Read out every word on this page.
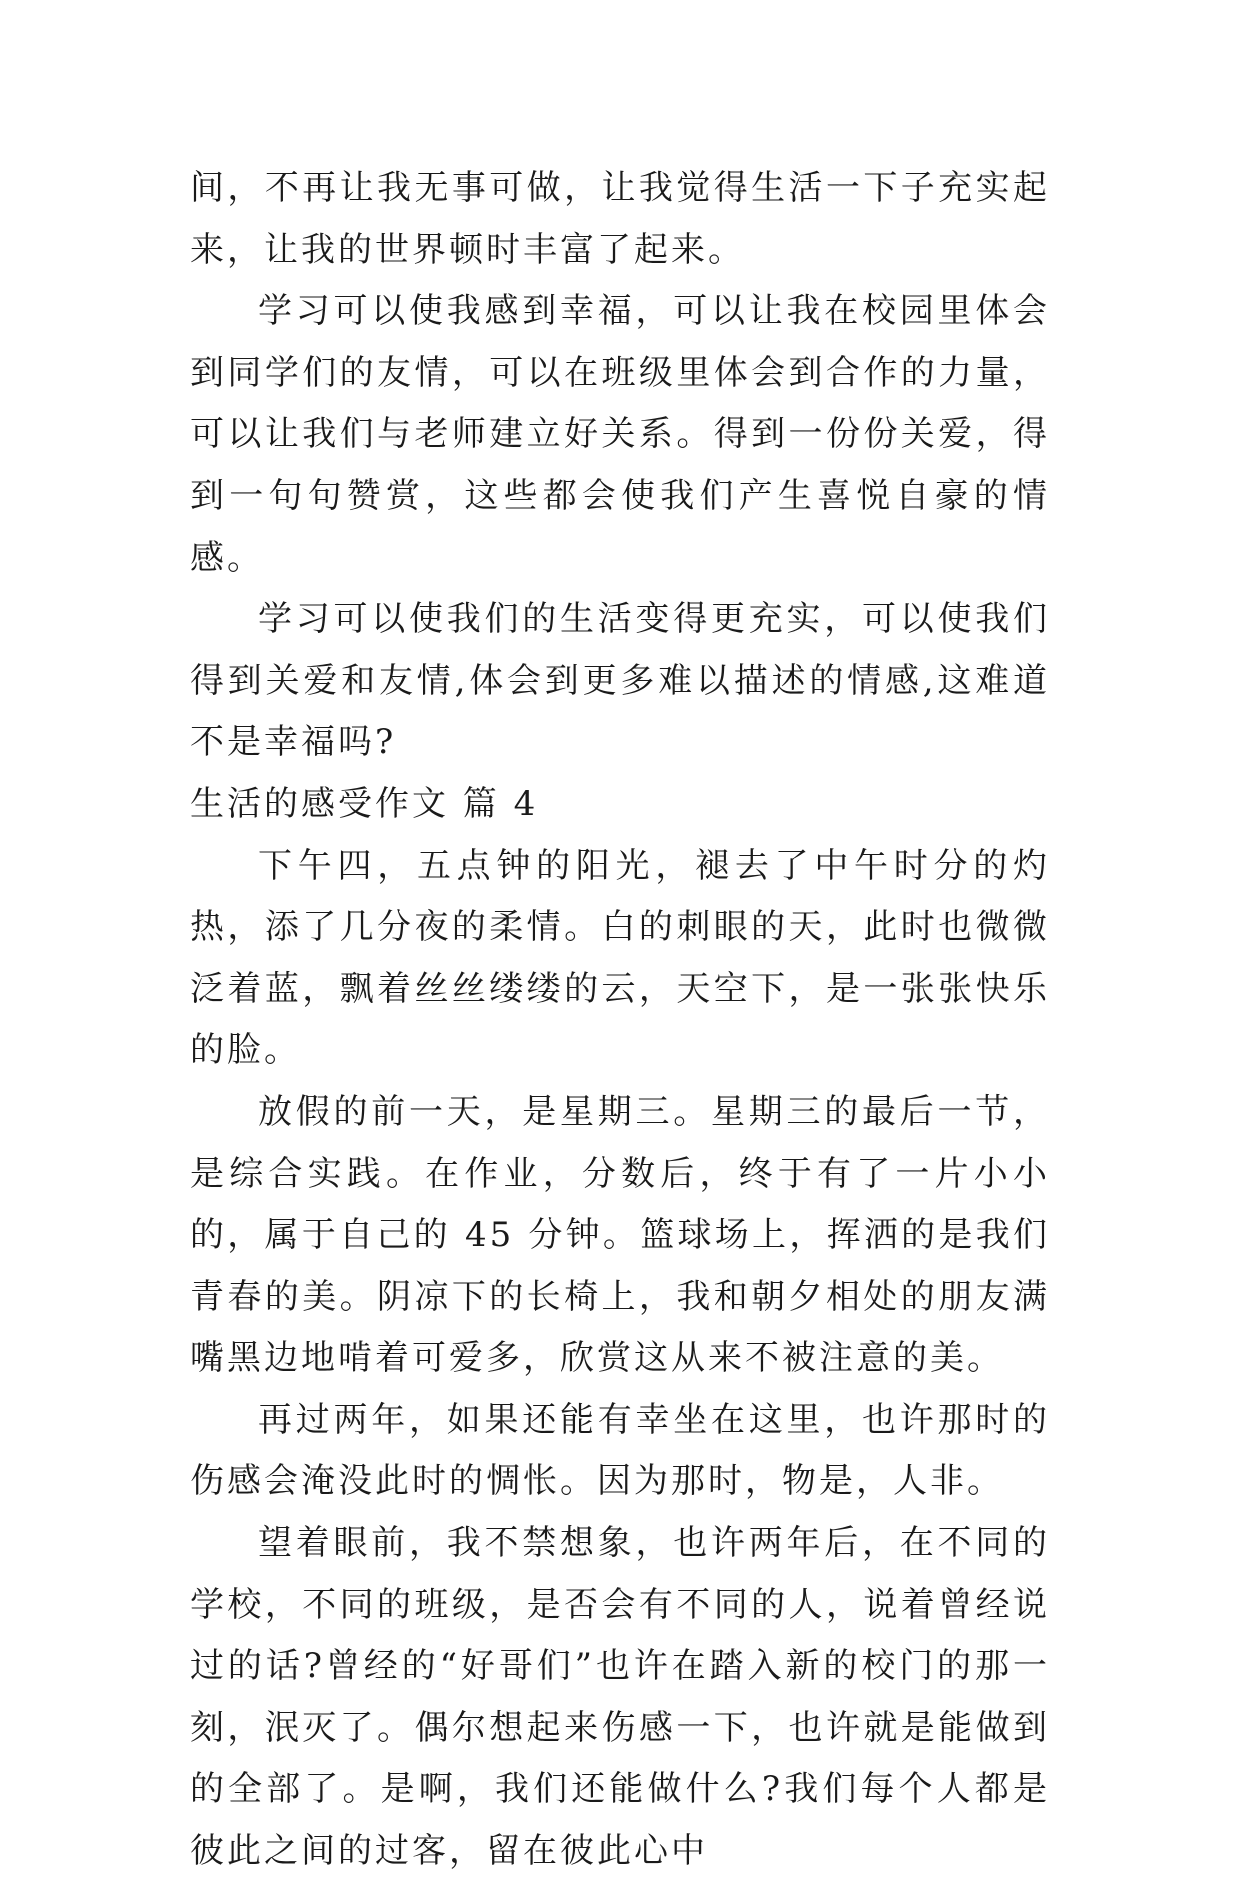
间，不再让我无事可做，让我觉得生活一下子充实起来，让我的世界顿时丰富了起来。

学习可以使我感到幸福，可以让我在校园里体会到同学们的友情，可以在班级里体会到合作的力量，可以让我们与老师建立好关系。得到一份份关爱，得到一句句赞赏，这些都会使我们产生喜悦自豪的情感。

学习可以使我们的生活变得更充实，可以使我们得到关爱和友情,体会到更多难以描述的情感,这难道不是幸福吗?

生活的感受作文 篇 4

下午四，五点钟的阳光，褪去了中午时分的灼热，添了几分夜的柔情。白的刺眼的天，此时也微微泛着蓝，飘着丝丝缕缕的云，天空下，是一张张快乐的脸。

放假的前一天，是星期三。星期三的最后一节，是综合实践。在作业，分数后，终于有了一片小小的，属于自己的 45 分钟。篮球场上，挥洒的是我们青春的美。阴凉下的长椅上，我和朝夕相处的朋友满嘴黑边地啃着可爱多，欣赏这从来不被注意的美。

再过两年，如果还能有幸坐在这里，也许那时的伤感会淹没此时的惆怅。因为那时，物是，人非。

望着眼前，我不禁想象，也许两年后，在不同的学校，不同的班级，是否会有不同的人，说着曾经说过的话?曾经的“好哥们”也许在踏入新的校门的那一刻，泯灭了。偶尔想起来伤感一下，也许就是能做到的全部了。是啊，我们还能做什么?我们每个人都是彼此之间的过客，留在彼此心中
